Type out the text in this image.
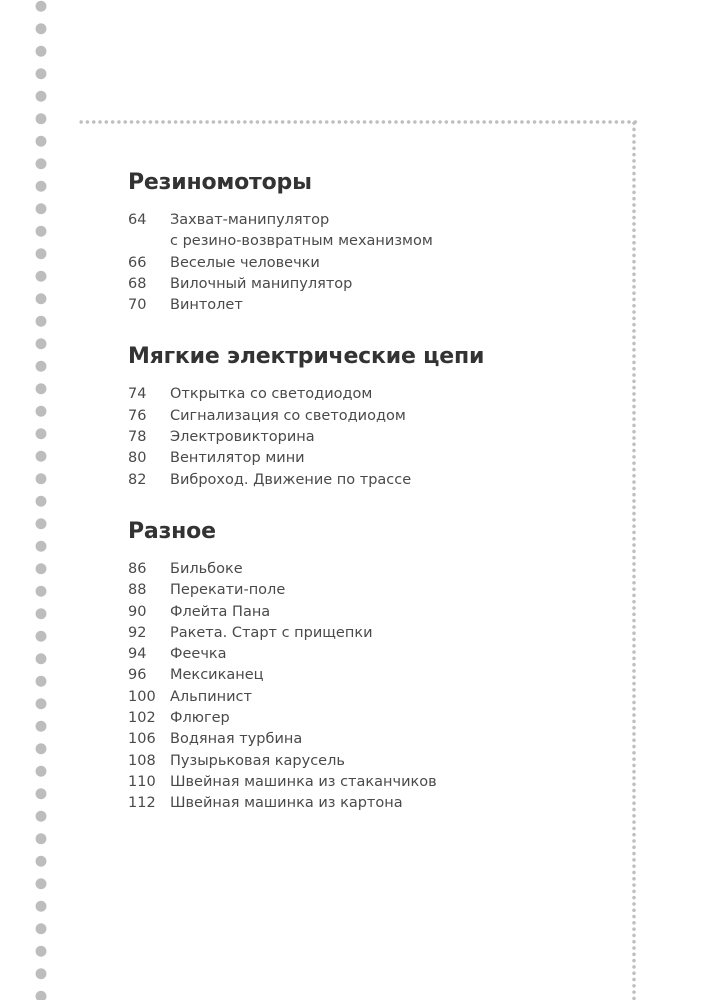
Резиномоторы
64	Захват-манипулятор
с резино-возвратным механизмом
66	Веселые человечки
68	Вилочный манипулятор
70	Винтолет
Мягкие электрические цепи
74	Открытка со светодиодом
76	Сигнализация со светодиодом
78	Электровикторина
80	Вентилятор мини
82	Виброход. Движение по трассе
Разное
86	Бильбоке
88	Перекати-поле
90	Флейта Пана
92	Ракета. Старт с прищепки
94	Феечка
96	Мексиканец
100 Альпинист
102 Флюгер
106 Водяная турбина
108 Пузырьковая карусель
110 Швейная машинка из стаканчиков
112 Швейная машинка из картона
